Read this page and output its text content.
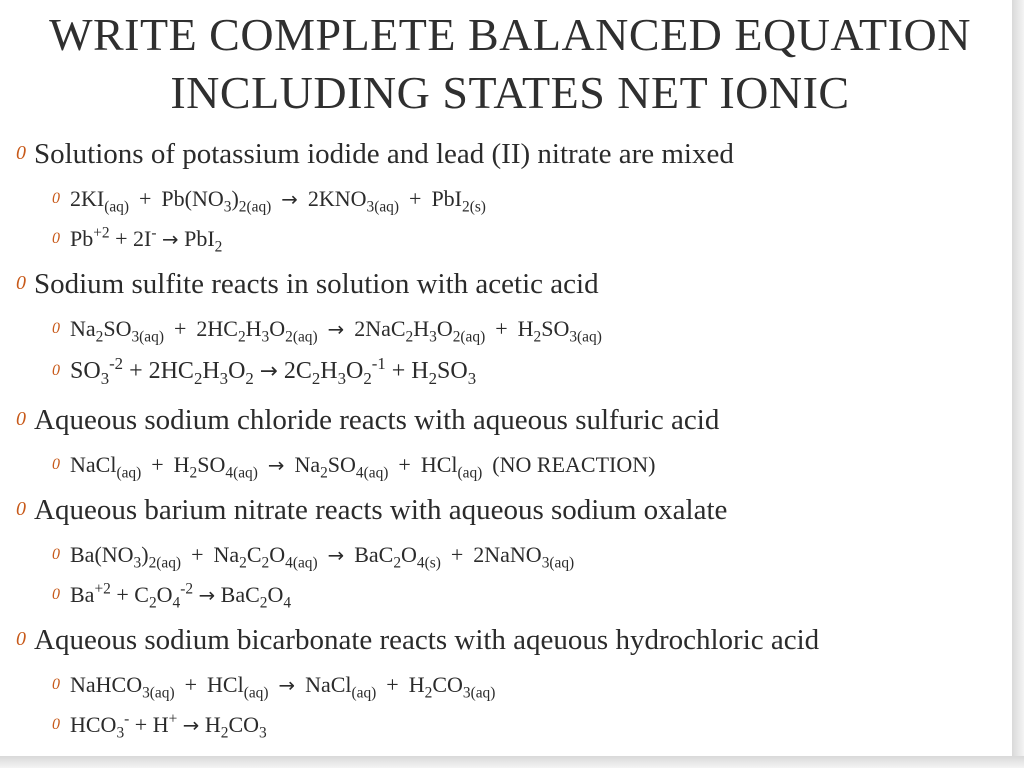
WRITE COMPLETE BALANCED EQUATION
INCLUDING STATES NET IONIC
0 Solutions of potassium iodide and lead (II) nitrate are mixed
0 $2KI_{(aq)} + Pb(NO_3)_{2(aq)} \to 2KNO_{3(aq)} + PbI_{2(s)}$
0 $Pb^{+2} + 2I^- \to PbI_2$
0 Sodium sulfite reacts in solution with acetic acid
0 $Na_2SO_{3(aq)} + 2HC_2H_3O_{2(aq)} \to 2NaC_2H_3O_{2(aq)} + H_2SO_{3(aq)}$
0 $SO_3^{-2} + 2HC_2H_3O_2 \to 2C_2H_3O_2^{-1} + H_2SO_3$
0 Aqueous sodium chloride reacts with aqueous sulfuric acid
0 NaCl$_{(aq)}$ + $H_2SO_{4(aq)} \to Na_2SO_{4(aq)} + HCl_{(aq)}$ (NO REACTION)
0 Aqueous barium nitrate reacts with aqueous sodium oxalate
0 $Ba(NO_3)_{2(aq)} + Na_2C_2O_{4(aq)} \to BaC_2O_{4(s)}$ + 2NaNO$_{3(aq)}$
0 $Ba^{+2} + C_2O_4^{-2} \to BaC_2O_4$
0 Aqueous sodium bicarbonate reacts with aqeuous hydrochloric acid
0 NaHCO$_{3(aq)}$ + HCl$_{(aq)}$ → NaCl$_{(aq)}$ + $H_2CO_{3(aq)}$
0 $HCO_3^- + H^+ \to H_2CO_3$
